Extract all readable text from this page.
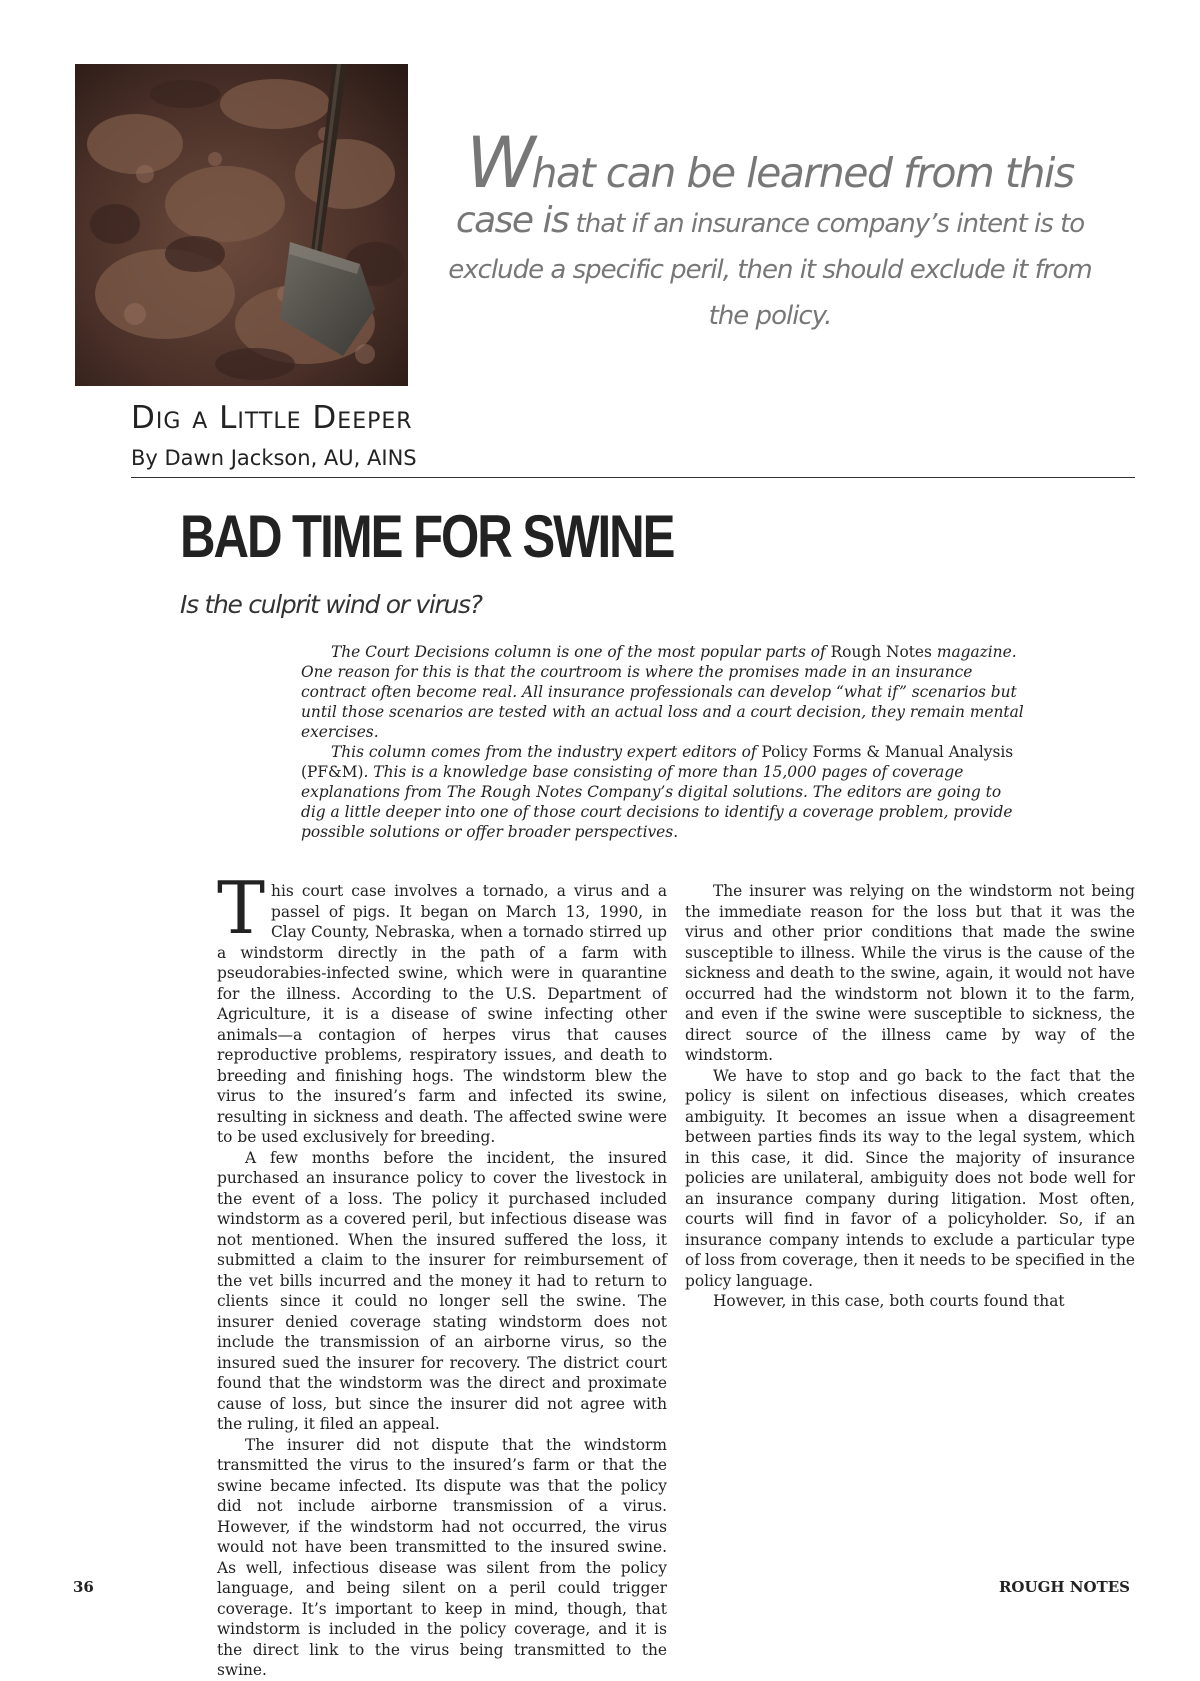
What can be learned from this
case is that if an insurance company’s intent is to exclude a specific peril, then it should exclude it from the policy.
Dig a Little Deeper
By Dawn Jackson, AU, AINS
BAD TIME FOR SWINE
Is the culprit wind or virus?

The Court Decisions column is one of the most popular parts of Rough Notes magazine. One reason for this is that the courtroom is where the promises made in an insurance contract often become real. All insurance professionals can develop “what if” scenarios but until those scenarios are tested with an actual loss and a court decision, they remain mental exercises.

This column comes from the industry expert editors of Policy Forms & Manual Analysis (PF&M). This is a knowledge base consisting of more than 15,000 pages of coverage explanations from The Rough Notes Company’s digital solutions. The editors are going to dig a little deeper into one of those court decisions to identify a coverage problem, provide possible solutions or offer broader perspectives.

This court case involves a tornado, a virus and a passel of pigs. It began on March 13, 1990, in Clay County, Nebraska, when a tornado stirred up a windstorm directly in the path of a farm with pseudorabies-infected swine, which were in quarantine for the illness. According to the U.S. Department of Agriculture, it is a disease of swine infecting other animals—a contagion of herpes virus that causes reproductive problems, respiratory issues, and death to breeding and finishing hogs. The windstorm blew the virus to the insured’s farm and infected its swine, resulting in sickness and death. The affected swine were to be used exclusively for breeding.

A few months before the incident, the insured purchased an insurance policy to cover the livestock in the event of a loss. The policy it purchased included windstorm as a covered peril, but infectious disease was not mentioned. When the insured suffered the loss, it submitted a claim to the insurer for reimbursement of the vet bills incurred and the money it had to return to clients since it could no longer sell the swine. The insurer denied coverage stating windstorm does not include the transmission of an airborne virus, so the insured sued the insurer for recovery. The district court found that the windstorm was the direct and proximate cause of loss, but since the insurer did not agree with the ruling, it filed an appeal.

The insurer did not dispute that the windstorm transmitted the virus to the insured’s farm or that the swine became infected. Its dispute was that the policy did not include airborne transmission of a virus. However, if the windstorm had not occurred, the virus would not have been transmitted to the insured swine. As well, infectious disease was silent from the policy language, and being silent on a peril could trigger coverage. It’s important to keep in mind, though, that windstorm is included in the policy coverage, and it is the direct link to the virus being transmitted to the swine.

The insurer was relying on the windstorm not being the immediate reason for the loss but that it was the virus and other prior conditions that made the swine susceptible to illness. While the virus is the cause of the sickness and death to the swine, again, it would not have occurred had the windstorm not blown it to the farm, and even if the swine were susceptible to sickness, the direct source of the illness came by way of the windstorm.

We have to stop and go back to the fact that the policy is silent on infectious diseases, which creates ambiguity. It becomes an issue when a disagreement between parties finds its way to the legal system, which in this case, it did. Since the majority of insurance policies are unilateral, ambiguity does not bode well for an insurance company during litigation. Most often, courts will find in favor of a policyholder. So, if an insurance company intends to exclude a particular type of loss from coverage, then it needs to be specified in the policy language.

However, in this case, both courts found that

36	ROUGH NOTES
